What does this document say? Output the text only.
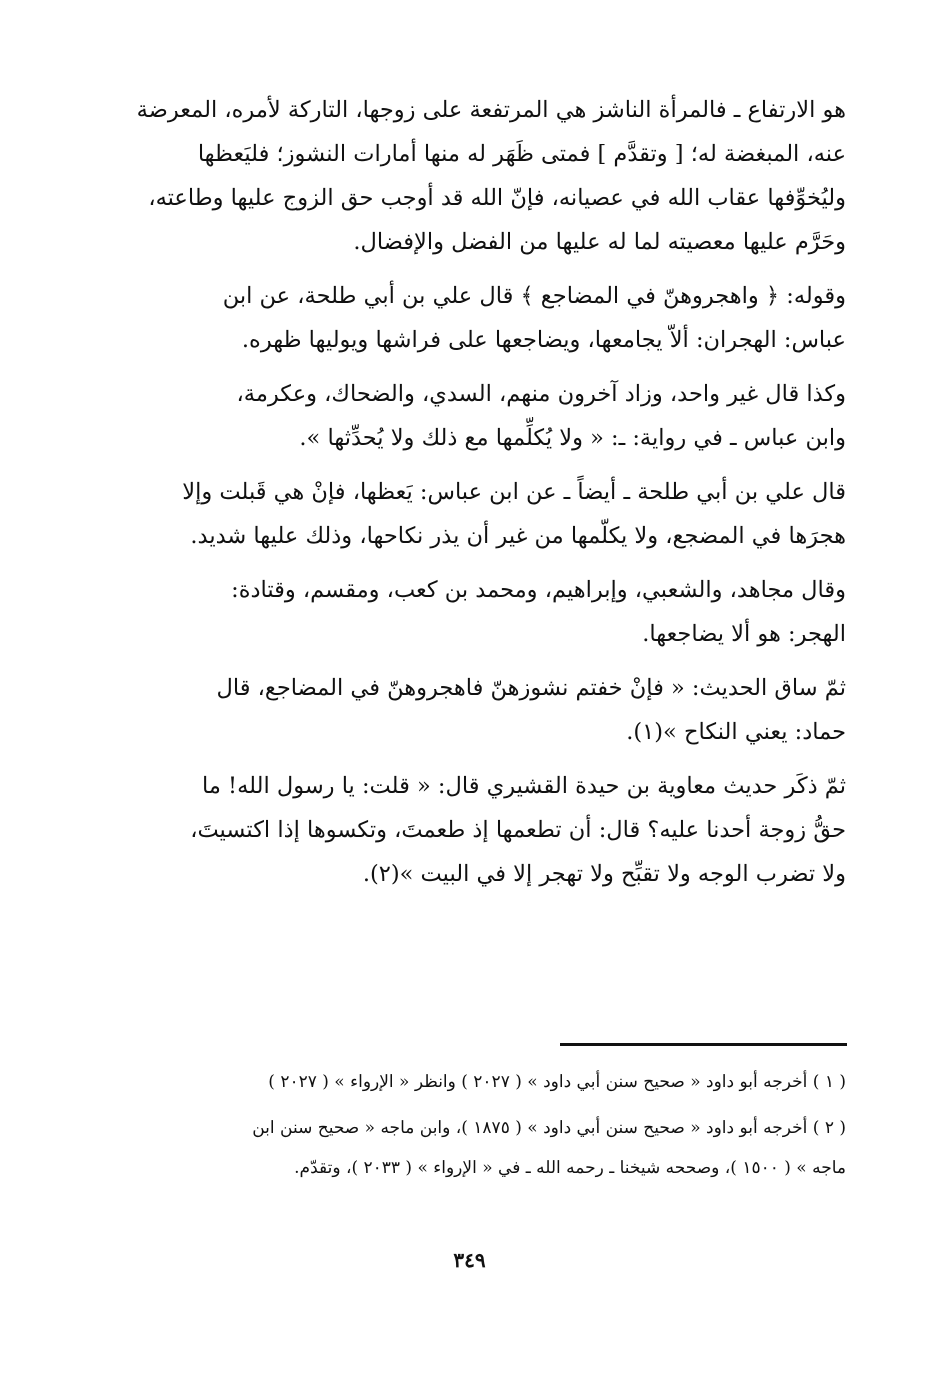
هو الارتفاع ـ فالمرأة الناشز هي المرتفعة على زوجها، التاركة لأمره، المعرضة
عنه، المبغضة له؛ [ وتقدَّم ] فمتى ظَهَر له منها أمارات النشوز؛ فليَعظها
وليُخوِّفها عقاب الله في عصيانه، فإنّ الله قد أوجب حق الزوج عليها وطاعته،
وحَرَّم عليها معصيته لما له عليها من الفضل والإفضال.

وقوله: ﴿ واهجروهنّ في المضاجع ﴾ قال علي بن أبي طلحة، عن ابن
عباس: الهجران: ألاّ يجامعها، ويضاجعها على فراشها ويوليها ظهره.

وكذا قال غير واحد، وزاد آخرون منهم، السدي، والضحاك، وعكرمة،
وابن عباس ـ في رواية: ـ: « ولا يُكلِّمها مع ذلك ولا يُحدِّثها ».

قال علي بن أبي طلحة ـ أيضاً ـ عن ابن عباس: يَعظها، فإنْ هي قَبلت وإلا
هجرَها في المضجع، ولا يكلّمها من غير أن يذر نكاحها، وذلك عليها شديد.

وقال مجاهد، والشعبي، وإبراهيم، ومحمد بن كعب، ومقسم، وقتادة:
الهجر: هو ألا يضاجعها.

ثمّ ساق الحديث: « فإنْ خفتم نشوزهنّ فاهجروهنّ في المضاجع، قال
حماد: يعني النكاح »(١).

ثمّ ذكَر حديث معاوية بن حيدة القشيري قال: « قلت: يا رسول الله! ما
حقُّ زوجة أحدنا عليه؟ قال: أن تطعمها إذ طعمتَ، وتكسوها إذا اكتسيتَ،
ولا تضرب الوجه ولا تقبِّح ولا تهجر إلا في البيت »(٢).

( ١ ) أخرجه أبو داود « صحيح سنن أبي داود » ( ٢٠٢٧ ) وانظر « الإرواء » ( ٢٠٢٧ )
( ٢ ) أخرجه أبو داود « صحيح سنن أبي داود » ( ١٨٧٥ )، وابن ماجه « صحيح سنن ابن
ماجه » ( ١٥٠٠ )، وصححه شيخنا ـ رحمه الله ـ في « الإرواء » ( ٢٠٣٣ )، وتقدّم.
٣٤٩
